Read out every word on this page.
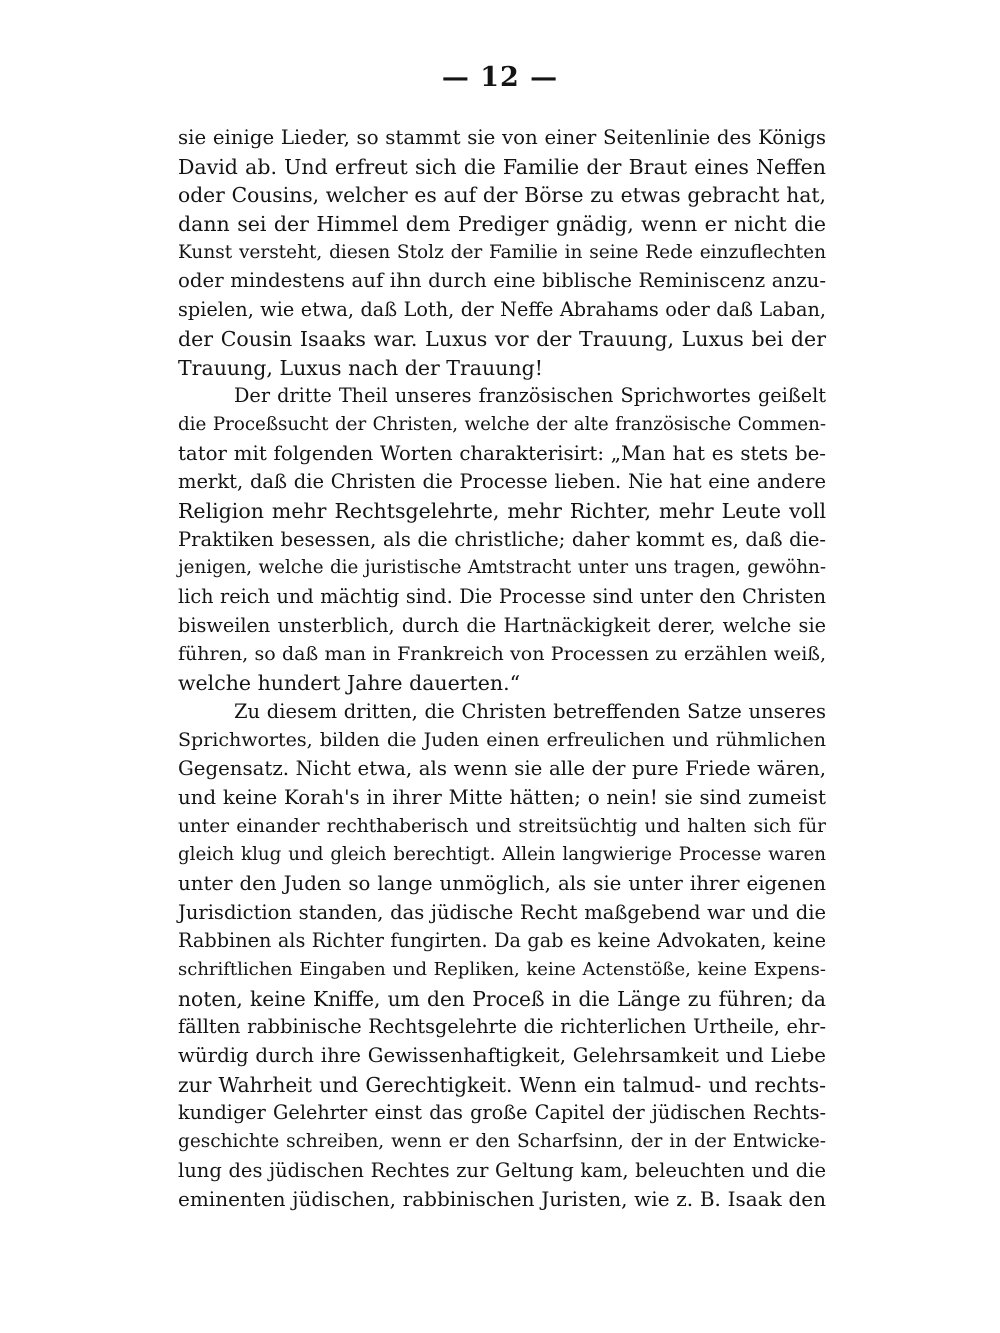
— 12 —
sie einige Lieder, so stammt sie von einer Seitenlinie des Königs
David ab. Und erfreut sich die Familie der Braut eines Neffen
oder Cousins, welcher es auf der Börse zu etwas gebracht hat,
dann sei der Himmel dem Prediger gnädig, wenn er nicht die
Kunst versteht, diesen Stolz der Familie in seine Rede einzuflechten
oder mindestens auf ihn durch eine biblische Reminiscenz anzu-
spielen, wie etwa, daß Loth, der Neffe Abrahams oder daß Laban,
der Cousin Isaaks war. Luxus vor der Trauung, Luxus bei der
Trauung, Luxus nach der Trauung!
Der dritte Theil unseres französischen Sprichwortes geißelt
die Proceßsucht der Christen, welche der alte französische Commen-
tator mit folgenden Worten charakterisirt: „Man hat es stets be-
merkt, daß die Christen die Processe lieben. Nie hat eine andere
Religion mehr Rechtsgelehrte, mehr Richter, mehr Leute voll
Praktiken besessen, als die christliche; daher kommt es, daß die-
jenigen, welche die juristische Amtstracht unter uns tragen, gewöhn-
lich reich und mächtig sind. Die Processe sind unter den Christen
bisweilen unsterblich, durch die Hartnäckigkeit derer, welche sie
führen, so daß man in Frankreich von Processen zu erzählen weiß,
welche hundert Jahre dauerten.“
Zu diesem dritten, die Christen betreffenden Satze unseres
Sprichwortes, bilden die Juden einen erfreulichen und rühmlichen
Gegensatz. Nicht etwa, als wenn sie alle der pure Friede wären,
und keine Korah's in ihrer Mitte hätten; o nein! sie sind zumeist
unter einander rechthaberisch und streitsüchtig und halten sich für
gleich klug und gleich berechtigt. Allein langwierige Processe waren
unter den Juden so lange unmöglich, als sie unter ihrer eigenen
Jurisdiction standen, das jüdische Recht maßgebend war und die
Rabbinen als Richter fungirten. Da gab es keine Advokaten, keine
schriftlichen Eingaben und Repliken, keine Actenstöße, keine Expens-
noten, keine Kniffe, um den Proceß in die Länge zu führen; da
fällten rabbinische Rechtsgelehrte die richterlichen Urtheile, ehr-
würdig durch ihre Gewissenhaftigkeit, Gelehrsamkeit und Liebe
zur Wahrheit und Gerechtigkeit. Wenn ein talmud- und rechts-
kundiger Gelehrter einst das große Capitel der jüdischen Rechts-
geschichte schreiben, wenn er den Scharfsinn, der in der Entwicke-
lung des jüdischen Rechtes zur Geltung kam, beleuchten und die
eminenten jüdischen, rabbinischen Juristen, wie z. B. Isaak den
